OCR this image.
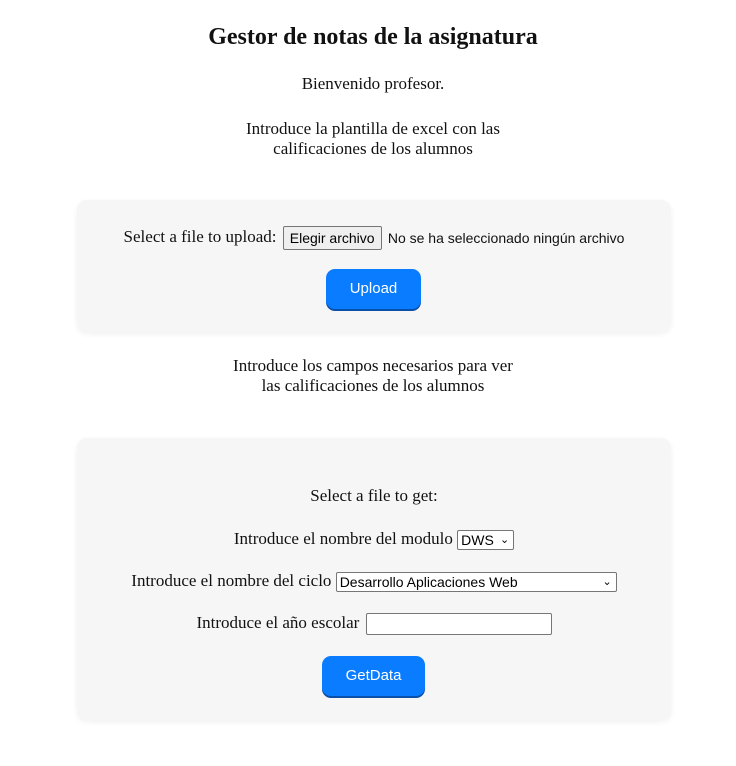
Gestor de notas de la asignatura
Bienvenido profesor.
Introduce la plantilla de excel con las
calificaciones de los alumnos
Select a file to upload: Elegir archivo No se ha seleccionado ningún archivo
Upload
Introduce los campos necesarios para ver
las calificaciones de los alumnos
Select a file to get:
Introduce el nombre del modulo DWS ⌄
Introduce el nombre del ciclo Desarrollo Aplicaciones Web	⌄
Introduce el año escolar
GetData
